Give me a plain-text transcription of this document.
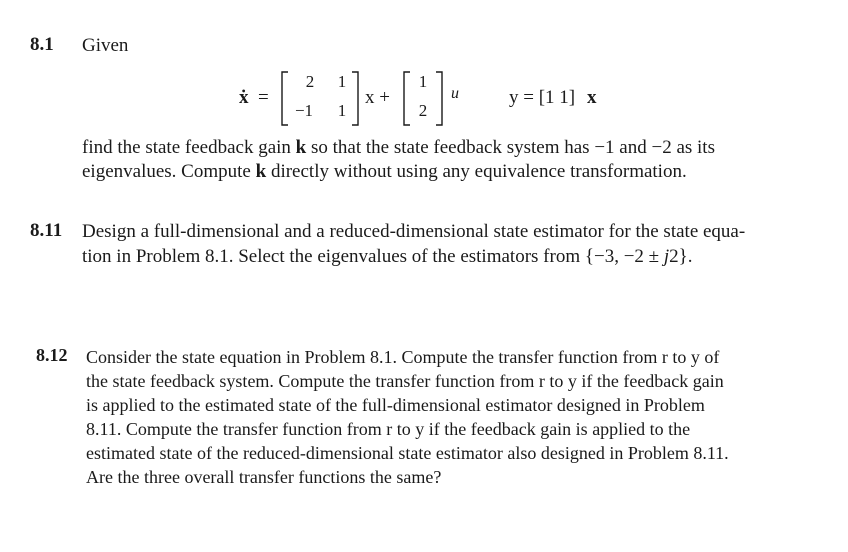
8.1 Given
ẋ =
2	1
−1	1
x +
1
2
u	y = [1 1] x
find the state feedback gain k so that the state feedback system has −1 and −2 as its
eigenvalues. Compute k directly without using any equivalence transformation.
8.11 Design a full-dimensional and a reduced-dimensional state estimator for the state equa-
tion in Problem 8.1. Select the eigenvalues of the estimators from {−3, −2 ± j2}.
8.12 Consider the state equation in Problem 8.1. Compute the transfer function from r to y of
the state feedback system. Compute the transfer function from r to y if the feedback gain
is applied to the estimated state of the full-dimensional estimator designed in Problem
8.11. Compute the transfer function from r to y if the feedback gain is applied to the
estimated state of the reduced-dimensional state estimator also designed in Problem 8.11.
Are the three overall transfer functions the same?
